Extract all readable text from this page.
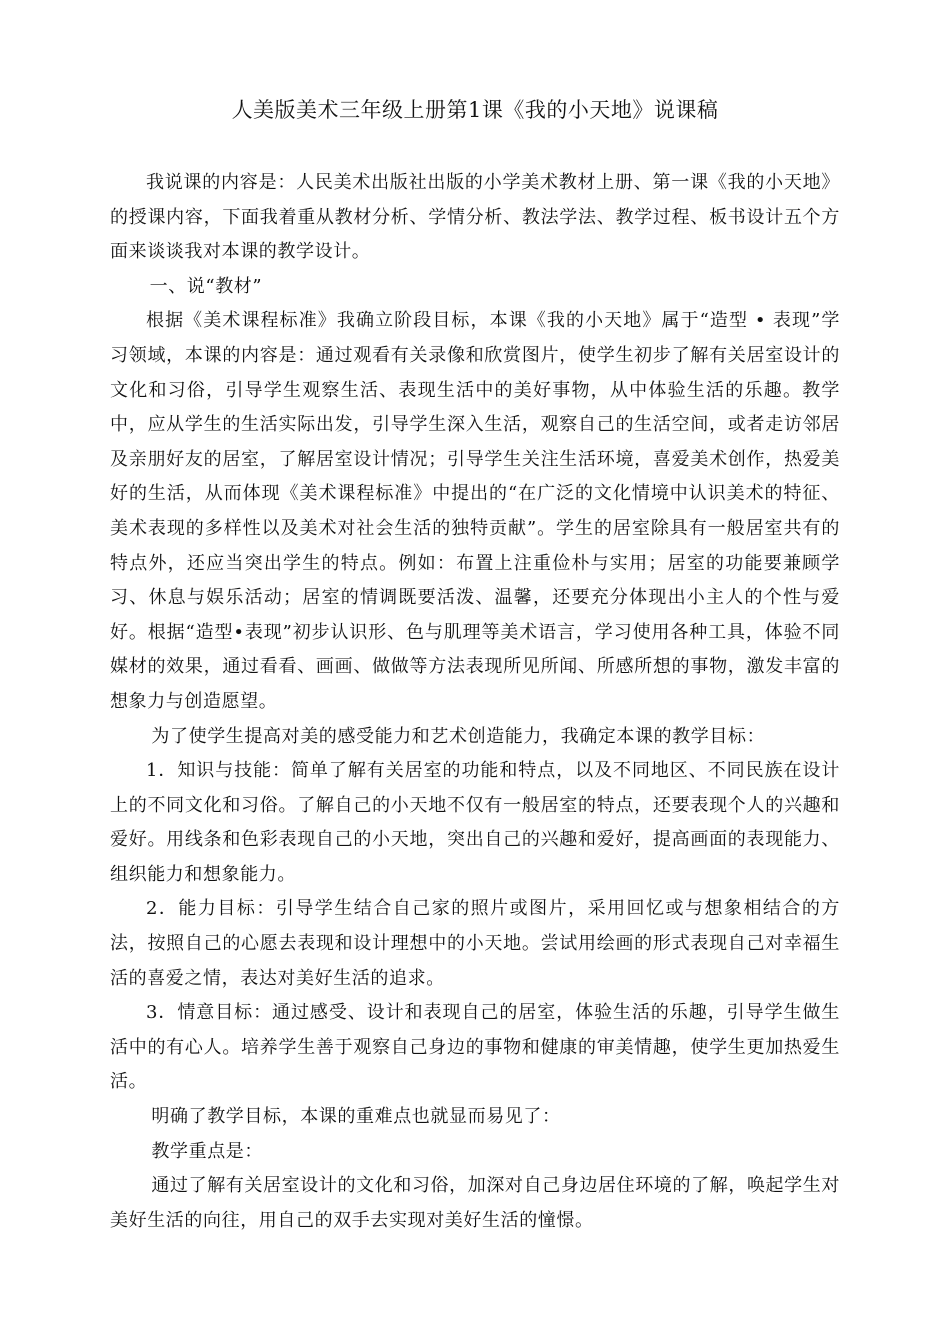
人美版美术三年级上册第1课《我的小天地》说课稿

我说课的内容是：人民美术出版社出版的小学美术教材上册、第一课《我的小天地》的授课内容，下面我着重从教材分析、学情分析、教法学法、教学过程、板书设计五个方面来谈谈我对本课的教学设计。

一、说“教材”

根据《美术课程标准》我确立阶段目标，本课《我的小天地》属于“造型 • 表现”学习领域，本课的内容是：通过观看有关录像和欣赏图片，使学生初步了解有关居室设计的文化和习俗，引导学生观察生活、表现生活中的美好事物，从中体验生活的乐趣。教学中，应从学生的生活实际出发，引导学生深入生活，观察自己的生活空间，或者走访邻居及亲朋好友的居室，了解居室设计情况；引导学生关注生活环境，喜爱美术创作，热爱美好的生活，从而体现《美术课程标准》中提出的“在广泛的文化情境中认识美术的特征、美术表现的多样性以及美术对社会生活的独特贡献”。学生的居室除具有一般居室共有的特点外，还应当突出学生的特点。例如：布置上注重俭朴与实用；居室的功能要兼顾学习、休息与娱乐活动；居室的情调既要活泼、温馨，还要充分体现出小主人的个性与爱好。根据“造型•表现”初步认识形、色与肌理等美术语言，学习使用各种工具，体验不同媒材的效果，通过看看、画画、做做等方法表现所见所闻、所感所想的事物，激发丰富的想象力与创造愿望。

为了使学生提高对美的感受能力和艺术创造能力，我确定本课的教学目标：

1．知识与技能：简单了解有关居室的功能和特点，以及不同地区、不同民族在设计上的不同文化和习俗。了解自己的小天地不仅有一般居室的特点，还要表现个人的兴趣和爱好。用线条和色彩表现自己的小天地，突出自己的兴趣和爱好，提高画面的表现能力、组织能力和想象能力。

2．能力目标：引导学生结合自己家的照片或图片，采用回忆或与想象相结合的方法，按照自己的心愿去表现和设计理想中的小天地。尝试用绘画的形式表现自己对幸福生活的喜爱之情，表达对美好生活的追求。

3．情意目标：通过感受、设计和表现自己的居室，体验生活的乐趣，引导学生做生活中的有心人。培养学生善于观察自己身边的事物和健康的审美情趣，使学生更加热爱生活。

明确了教学目标，本课的重难点也就显而易见了：

教学重点是：

通过了解有关居室设计的文化和习俗，加深对自己身边居住环境的了解，唤起学生对美好生活的向往，用自己的双手去实现对美好生活的憧憬。
